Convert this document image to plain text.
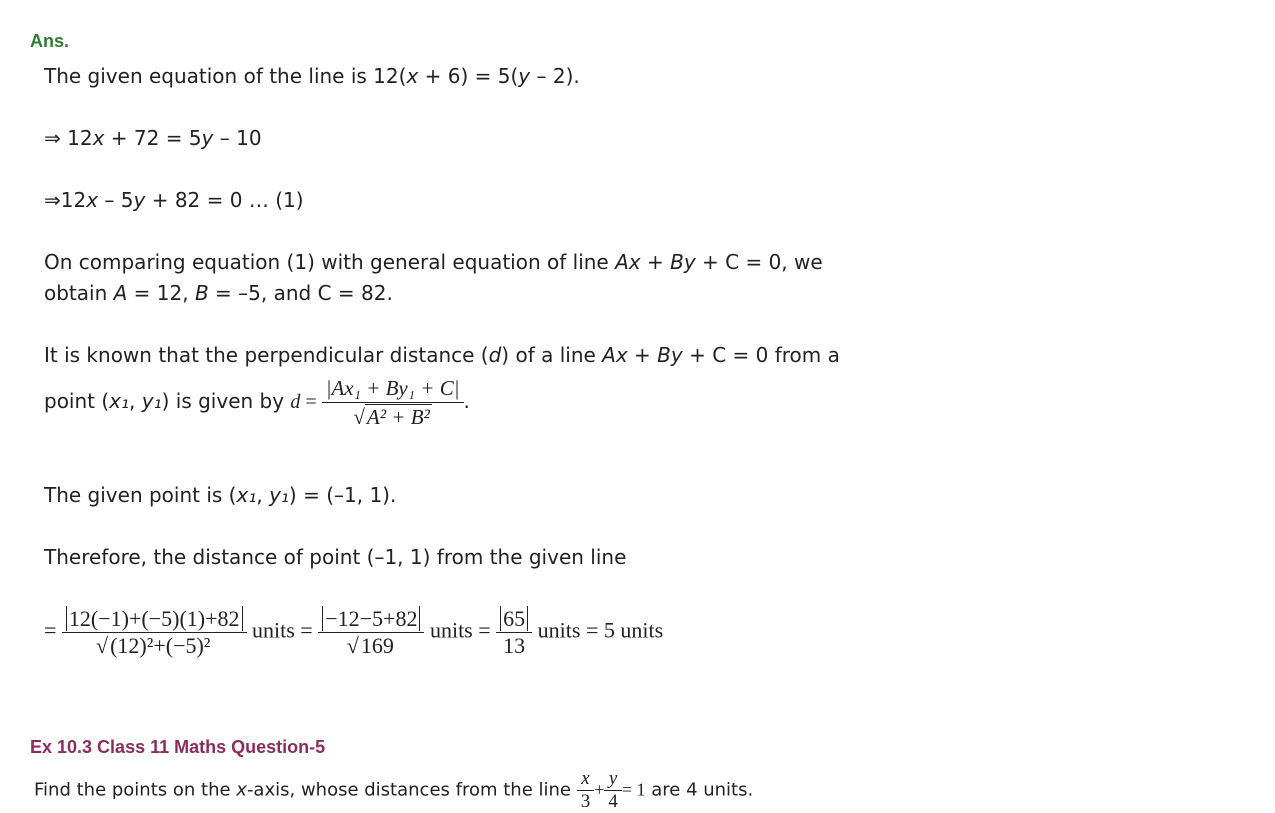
Ans.
The given equation of the line is 12(x + 6) = 5(y – 2).
⇒ 12x + 72 = 5y – 10
⇒12x – 5y + 82 = 0 … (1)
On comparing equation (1) with general equation of line Ax + By + C = 0, we
obtain A = 12, B = –5, and C = 82.
It is known that the perpendicular distance (d) of a line Ax + By + C = 0 from a
point (x₁, y₁) is given by $d = \frac{\text{|Ax₁ + By₁ + C|}}{\text{√A² + B²}}$ .
The given point is (x₁, y₁) = (–1, 1).
Therefore, the distance of point (–1, 1) from the given line
= $\frac{12(-1)+(-5)(1)+82}{\text{√(12)²+(−5)²}}$ units = $\frac{-12-5+82}{√169}$ units = $\frac{65}{13}$ units = 5 units
Ex 10.3 Class 11 Maths Question-5
Find the points on the x-axis, whose distances from the line $\frac{x}{3} + \frac{y}{4} = 1$ are 4 units.
